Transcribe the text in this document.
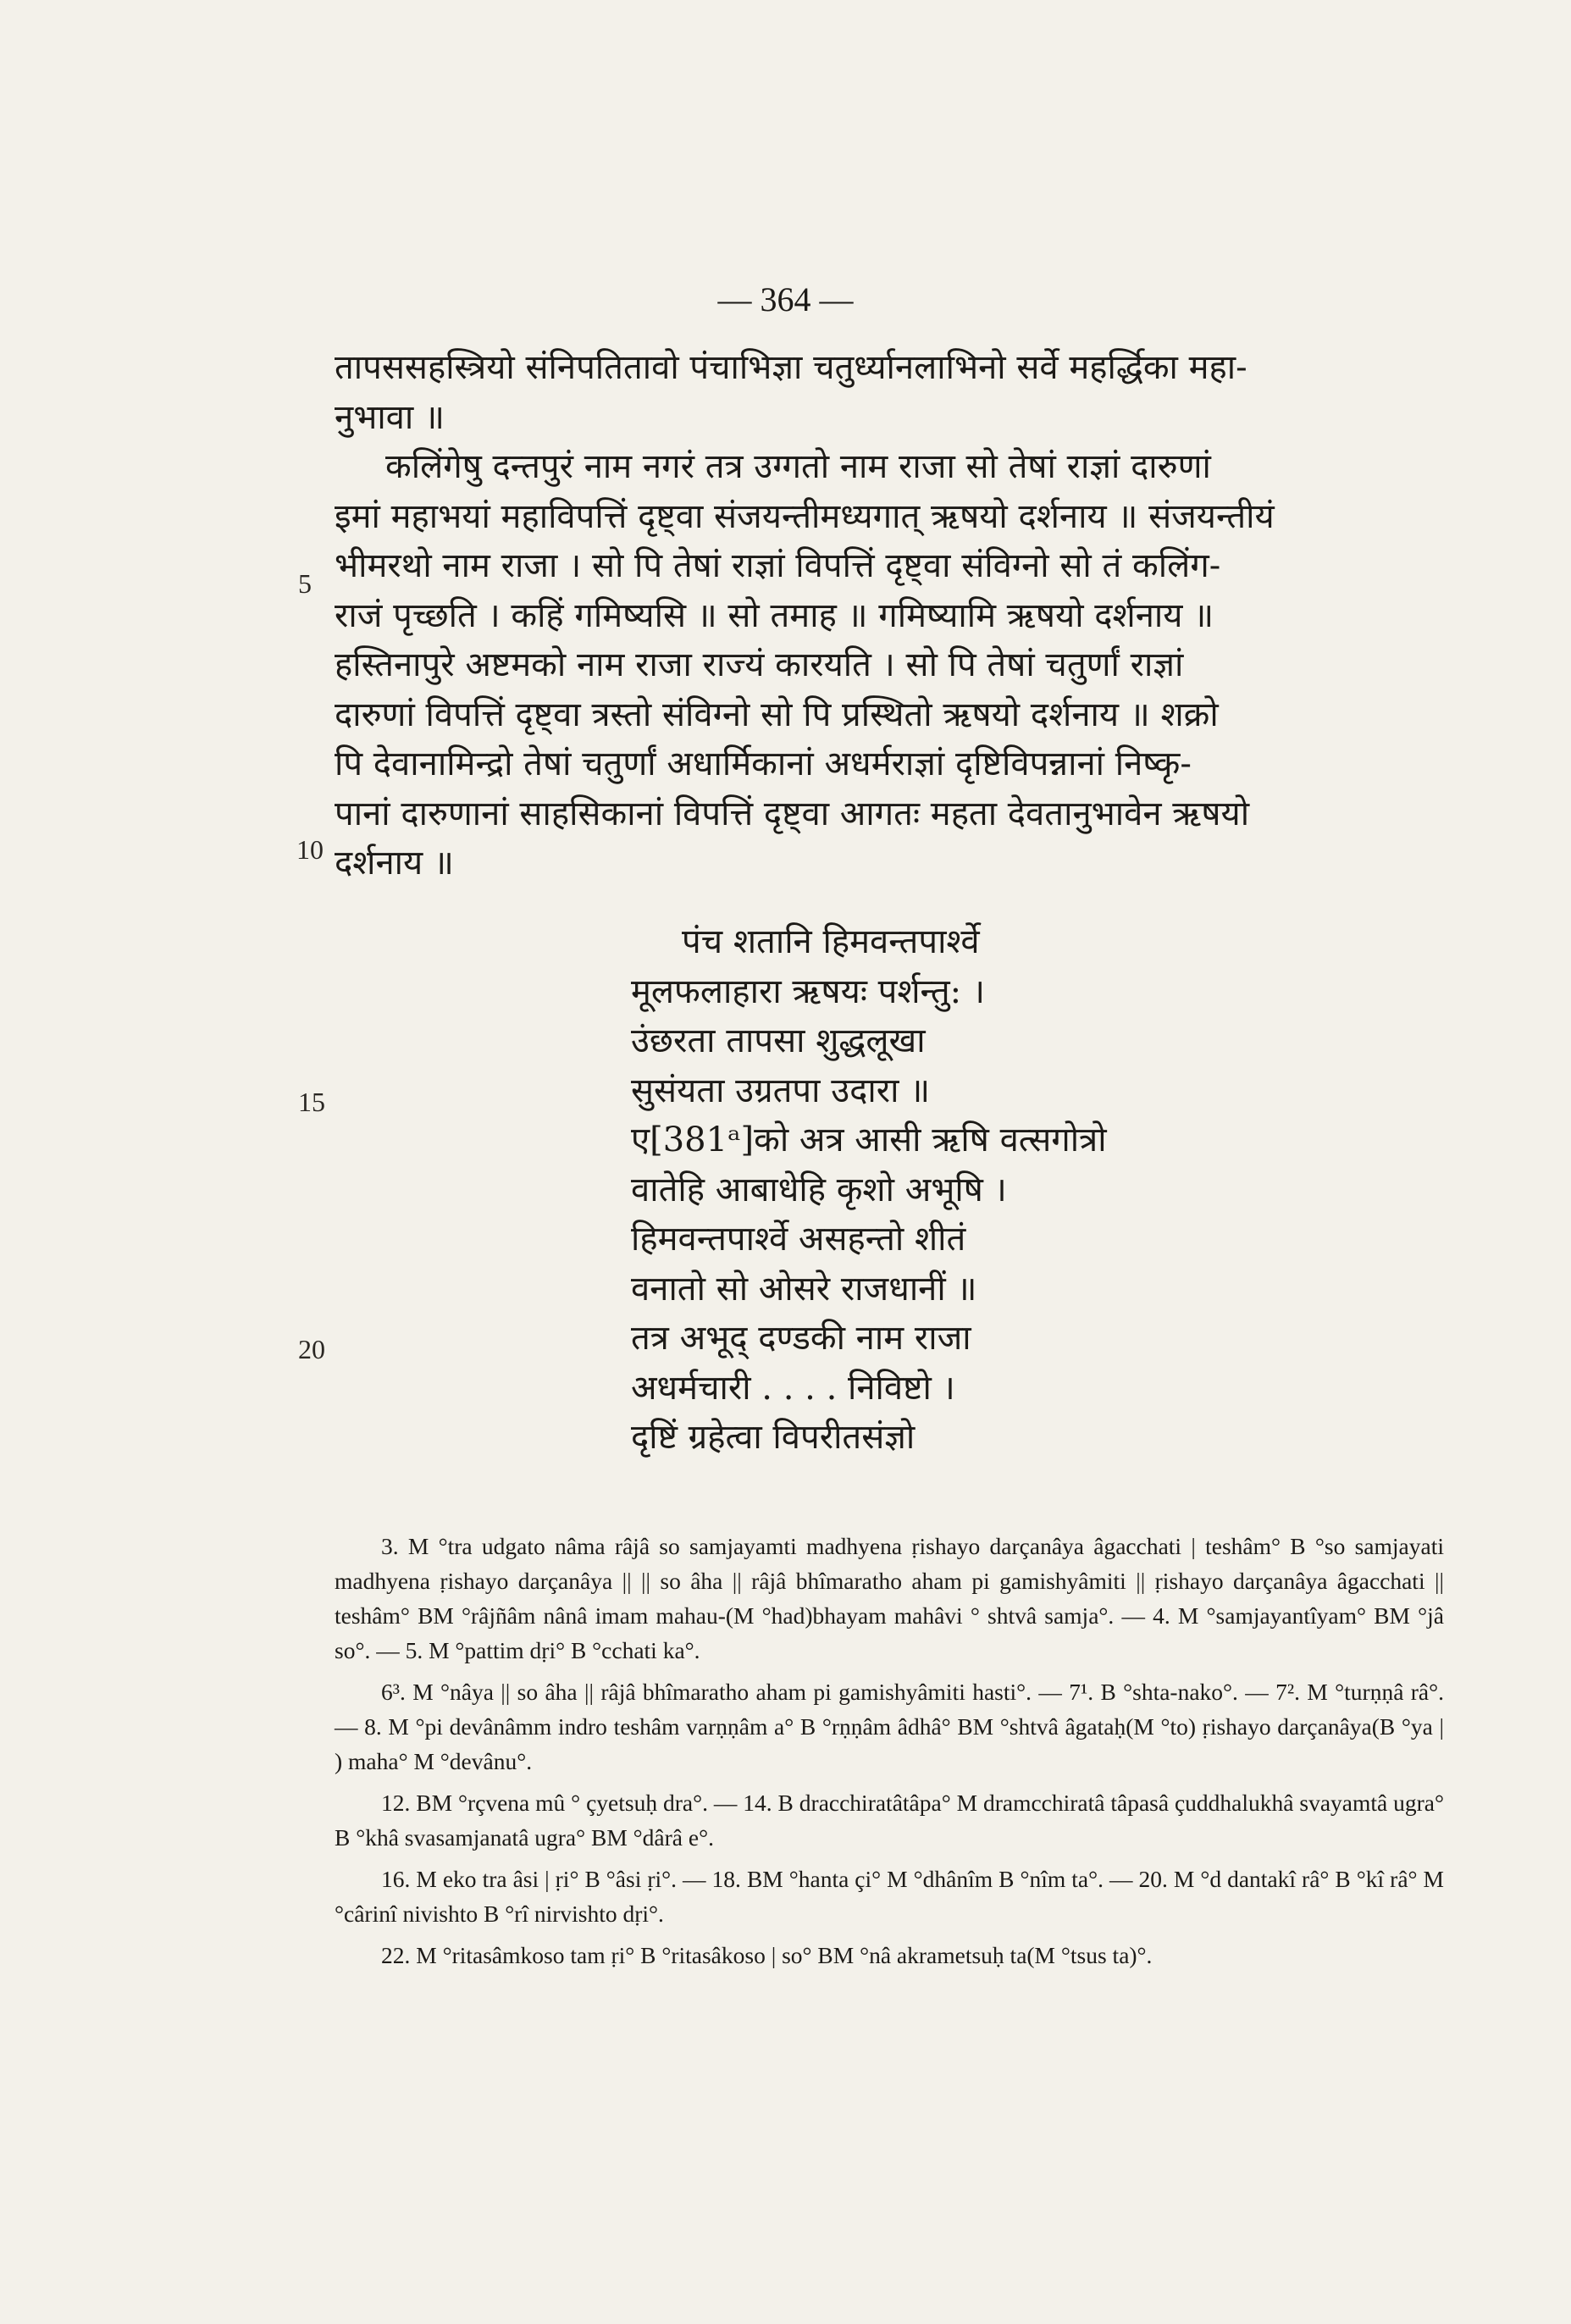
— 364 —
तापससहस्त्रियो संनिपतितावो पंचाभिज्ञा चतुर्ध्यानलाभिनो सर्वे महर्द्धिका महा-
नुभावा ॥
कलिंगेषु दन्तपुरं नाम नगरं तत्र उग्गतो नाम राजा सो तेषां राज्ञां दारुणां
इमां महाभयां महाविपत्तिं दृष्ट्वा संजयन्तीमध्यगात् ऋषयो दर्शनाय ॥ संजयन्तीयं
भीमरथो नाम राजा । सो पि तेषां राज्ञां विपत्तिं दृष्ट्वा संविग्नो सो तं कलिंग-
राजं पृच्छति । कहिं गमिष्यसि ॥ सो तमाह ॥ गमिष्यामि ऋषयो दर्शनाय ॥
हस्तिनापुरे अष्टमको नाम राजा राज्यं कारयति । सो पि तेषां चतुर्णां राज्ञां
दारुणां विपत्तिं दृष्ट्वा त्रस्तो संविग्नो सो पि प्रस्थितो ऋषयो दर्शनाय ॥ शक्रो
पि देवानामिन्द्रो तेषां चतुर्णां अधार्मिकानां अधर्मराज्ञां दृष्टिविपन्नानां निष्कृ-
पानां दारुणानां साहसिकानां विपत्तिं दृष्ट्वा आगतः महता देवतानुभावेन ऋषयो
दर्शनाय ॥
पंच शतानि हिमवन्तपार्श्वे
मूलफलाहारा ऋषयः पर्शन्तु: ।
उंछरता तापसा शुद्धलूखा
सुसंयता उग्रतपा उदारा ॥
ए[381ᵃ]को अत्र आसी ऋषि वत्सगोत्रो
वातेहि आबाधेहि कृशो अभूषि ।
हिमवन्तपार्श्वे असहन्तो शीतं
वनातो सो ओसरे राजधानीं ॥
तत्र अभूद् दण्डकी नाम राजा
अधर्मचारी . . . . निविष्टो ।
दृष्टिं ग्रहेत्वा विपरीतसंज्ञो
5
10
15
20

3. M °tra udgato nâma râjâ so samjayamti madhyena ṛishayo darçanâya âgacchati | teshâm° B °so samjayati madhyena ṛishayo darçanâya || || so âha || râjâ bhîmaratho aham pi gamishyâmiti || ṛishayo darçanâya âgacchati || teshâm° BM °râjñâm nânâ imam mahau-(M °had)bhayam mahâvi ° shtvâ samja°. — 4. M °samjayantîyam° BM °jâ so°. — 5. M °pattim dṛi° B °cchati ka°.

6³. M °nâya || so âha || râjâ bhîmaratho aham pi gamishyâmiti hasti°. — 7¹. B °shta-nako°. — 7². M °turṇṇâ râ°. — 8. M °pi devânâmm indro teshâm varṇṇâm a° B °rṇṇâm âdhâ° BM °shtvâ âgataḥ(M °to) ṛishayo darçanâya(B °ya | ) maha° M °devânu°.

12. BM °rçvena mû ° çyetsuḥ dra°. — 14. B dracchiratâtâpa° M dramcchiratâ tâpasâ çuddhalukhâ svayamtâ ugra° B °khâ svasamjanatâ ugra° BM °dârâ e°.

16. M eko tra âsi | ṛi° B °âsi ṛi°. — 18. BM °hanta çi° M °dhânîm B °nîm ta°. — 20. M °d dantakî râ° B °kî râ° M °cârinî nivishto B °rî nirvishto dṛi°.

22. M °ritasâmkoso tam ṛi° B °ritasâkoso | so° BM °nâ akrametsuḥ ta(M °tsus ta)°.
